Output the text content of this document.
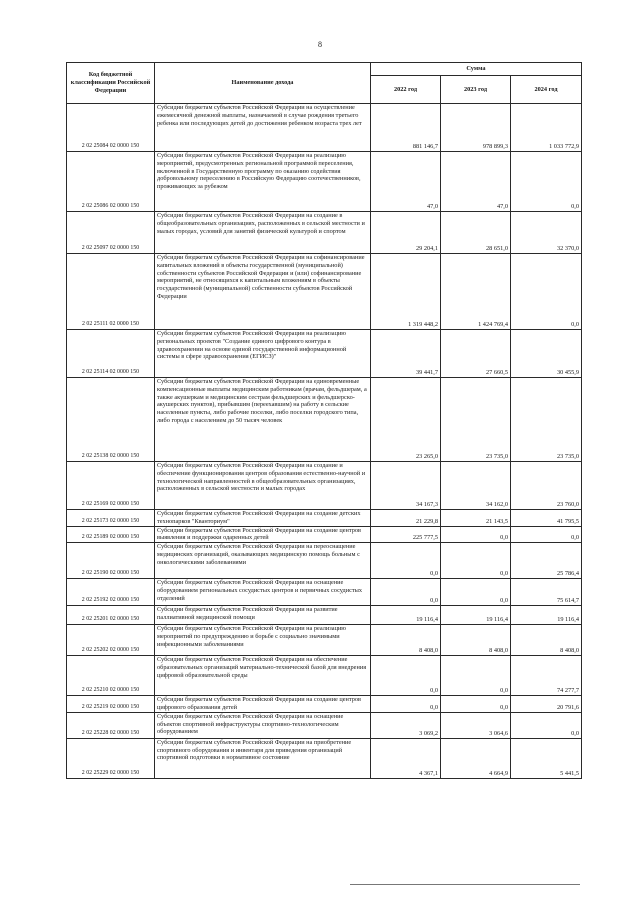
8
Код бюджетной классификации Российской Федерации	Наименование дохода	Сумма		
		2022 год	2023 год	2024 год
2 02 25084 02 0000 150	Субсидии бюджетам субъектов Российской Федерации на осуществление ежемесячной денежной выплаты, назначаемой в случае рождения третьего ребенка или последующих детей до достижения ребенком возраста трех лет	881 146,7	978 899,3	1 033 772,9
2 02 25086 02 0000 150	Субсидии бюджетам субъектов Российской Федерации на реализацию мероприятий, предусмотренных региональной программой переселения, включенной в Государственную программу по оказанию содействия добровольному переселению в Российскую Федерацию соотечественников, проживающих за рубежом	47,0	47,0	0,0
2 02 25097 02 0000 150	Субсидии бюджетам субъектов Российской Федерации на создание в общеобразовательных организациях, расположенных в сельской местности и малых городах, условий для занятий физической культурой и спортом	29 204,1	28 651,0	32 370,0
2 02 25111 02 0000 150	Субсидии бюджетам субъектов Российской Федерации на софинансирование капитальных вложений в объекты государственной (муниципальной) собственности субъектов Российской Федерации и (или) софинансирование мероприятий, не относящихся к капитальным вложениям в объекты государственной (муниципальной) собственности субъектов Российской Федерации	1 319 448,2	1 424 769,4	0,0
2 02 25114 02 0000 150	Субсидии бюджетам субъектов Российской Федерации на реализацию региональных проектов "Создание единого цифрового контура в здравоохранении на основе единой государственной информационной системы в сфере здравоохранения (ЕГИСЗ)"	39 441,7	27 660,5	30 455,9
2 02 25138 02 0000 150	Субсидии бюджетам субъектов Российской Федерации на единовременные компенсационные выплаты медицинским работникам (врачам, фельдшерам, а также акушеркам и медицинским сестрам фельдшерских и фельдшерско-акушерских пунктов), прибывшим (переехавшим) на работу в сельские населенные пункты, либо рабочие поселки, либо поселки городского типа, либо города с населением до 50 тысяч человек	23 265,0	23 735,0	23 735,0
2 02 25169 02 0000 150	Субсидии бюджетам субъектов Российской Федерации на создание и обеспечение функционирования центров образования естественно-научной и технологической направленностей в общеобразовательных организациях, расположенных в сельской местности и малых городах	34 167,3	34 162,0	23 760,0
2 02 25173 02 0000 150	Субсидии бюджетам субъектов Российской Федерации на создание детских технопарков "Кванториум"	21 229,8	21 143,5	41 795,5
2 02 25189 02 0000 150	Субсидии бюджетам субъектов Российской Федерации на создание центров выявления и поддержки одаренных детей	225 777,5	0,0	0,0
2 02 25190 02 0000 150	Субсидии бюджетам субъектов Российской Федерации на переоснащение медицинских организаций, оказывающих медицинскую помощь больным с онкологическими заболеваниями	0,0	0,0	25 786,4
2 02 25192 02 0000 150	Субсидии бюджетам субъектов Российской Федерации на оснащение оборудованием региональных сосудистых центров и первичных сосудистых отделений	0,0	0,0	75 614,7
2 02 25201 02 0000 150	Субсидии бюджетам субъектов Российской Федерации на развитие паллиативной медицинской помощи	19 116,4	19 116,4	19 116,4
2 02 25202 02 0000 150	Субсидии бюджетам субъектов Российской Федерации на реализацию мероприятий по предупреждению и борьбе с социально значимыми инфекционными заболеваниями	8 408,0	8 408,0	8 408,0
2 02 25210 02 0000 150	Субсидии бюджетам субъектов Российской Федерации на обеспечение образовательных организаций материально-технической базой для внедрения цифровой образовательной среды	0,0	0,0	74 277,7
2 02 25219 02 0000 150	Субсидии бюджетам субъектов Российской Федерации на создание центров цифрового образования детей	0,0	0,0	20 791,6
2 02 25228 02 0000 150	Субсидии бюджетам субъектов Российской Федерации на оснащение объектов спортивной инфраструктуры спортивно-технологическим оборудованием	3 069,2	3 064,6	0,0
2 02 25229 02 0000 150	Субсидии бюджетам субъектов Российской Федерации на приобретение спортивного оборудования и инвентаря для приведения организаций спортивной подготовки в нормативное состояние	4 367,1	4 664,9	5 441,5
